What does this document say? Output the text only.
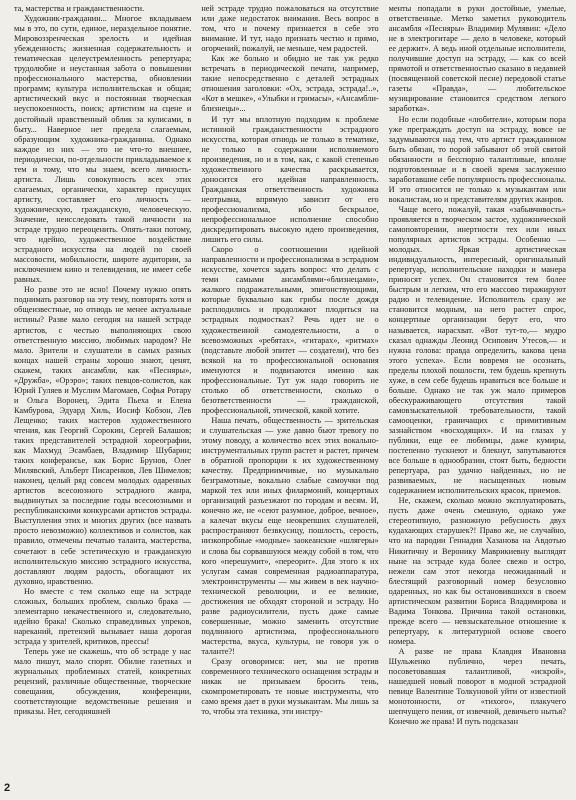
та, мастерства и гражданственности.

Художник-гражданин... Многое вкладываем мы в это, по сути, единое, нераздельное понятие. Мировоззренческая зрелость и идейная убежденность; жизненная содержательность и тематическая целеустремленность репертуара; трудолюбие и неустанная забота о повышении профессионального мастерства, обновлении программ; культура исполнительская и общая; артистический вкус и постоянная творческая неуспокоенность, поиск; артистизм на сцене и достойный нравственный облик за кулисами, в быту... Наверное нет предела слагаемым, образующим художника-гражданина. Однако каждое из них — это не что-то внешнее, периодически, по-отдельности прикладываемое к тем и тому, что мы знаем, всего личность-артиста. Лишь совокупность всех этих слагаемых, органически, характер присущих артисту, составляет его личность — художническую, гражданскую, человеческую. Значение, неисследовать такой личности на эстраде трудно переоценить. Опять-таки потому, что идейно, художественное воздействие эстрадного искусства на людей по своей массовости, мобильности, широте аудитории, за исключением кино и телевидения, не имеет себе равных.

Но разве это не ясно! Почему нужно опять поднимать разговор на эту тему, повторять хотя и общеизвестные, но отнюдь не менее актуальные истины? Разве мало сегодня на нашей эстраде артистов, с честью выполняющих свою ответственную миссию, любимых народом? Не мало. Зрители и слушатели в самых разных концах нашей страны хорошо знают, ценят, скажем, таких ансамбли, как «Песняры», «Дружба», «Орэро»; таких певцов-солистов, как Юрий Гуляев и Муслим Магомаев, Софья Ротару и Ольга Воронец, Эдита Пьеха и Елена Камбурова, Эдуард Хиль, Иосиф Кобзон, Лев Лещенко; таких мастеров художественного чтения, как Георгий Сорокин, Сергей Балашов; таких представителей эстрадной хореографии, как Махмуд Эсамбаев, Владимир Шубарин; таких конферансье, как Борис Брунов, Олег Милявский, Альберт Писаренков, Лев Шимелов; наконец, целый ряд совсем молодых одаренных артистов всесоюзного эстрадного жанра, выдвинутых за последние годы всесоюзными и республиканскими конкурсами артистов эстрады. Выступления этих и многих других (все назвать просто невозможно) коллективов и солистов, как правило, отмечены печатью таланта, мастерства, сочетают в себе эстетическую и гражданскую исполнительскую миссию эстрадного искусства, доставляют людям радость, обогащают их духовно, нравственно.

Но вместе с тем сколько еще на эстраде сложных, больших проблем, сколько брака — элементарно некачественного и, следовательно, идейно брака! Сколько справедливых упреков, нареканий, претензий вызывает наша дорогая эстрада у зрителей, критиков, прессы!

Теперь уже не скажешь, что об эстраде у нас мало пишут, мало спорят. Обилие газетных и журнальных проблемных статей, конкретных рецензий, различные общественные, творческие совещания, обсуждения, конференции, соответствующие ведомственные решения и приказы. Нет, сегодняшней

ней эстраде трудно пожаловаться на отсутствие или даже недостаток внимания. Весь вопрос в том, что и почему признается в себе это внимание. И тут, надо признать честно и прямо, огорчений, пожалуй, не меньше, чем радостей.

Как же больно и обидно не так уж редко встречать в периодической печати, например, такие непосредственно с деталей эстрадных отношения заголовки: «Ох, эстрада, эстрада!..», «Кот в мешке», «Улыбки и гримасы», «Ансамбли-близнецы»...

И тут мы вплотную подходим к проблеме истинной гражданственности эстрадного искусства, которая отнюдь не только в тематике, не только в содержании исполняемого произведения, но и в том, как, с какой степенью художественного качества раскрывается, доносится его идейная направленность. Гражданская ответственность художника неотрывна, впрямую зависит от его профессионализма, ибо бескрылое, непрофессиональное исполнение способно дискредитировать высокую идею произведения, лишить его силы.

Скоро о соотношении идейной направленности и профессионализма в эстрадном искусстве, хочется задать вопрос: что делать с теми самыми ансамблями-«близнецами», жалкого подражательными, эпигонствующими, которые буквально как грибы после дождя расплодились и продолжают плодиться на эстрадных подмостках? Речь идет не о художественной самодеятельности, а о всевозможных «ребятах», «гитарах», «ритмах» (подставьте любой эпитет — создатели), что без всякой на то профессиональной основания именуются и подвизаются именно как профессиональные. Тут уж надо говорить не столько об ответственности, сколько о безответственности — гражданской, профессиональной, этической, какой хотите.

Наша печать, общественность — зрительская и слушательская — уже давно бьют тревогу по этому поводу, а количество всех этих вокально-инструментальных групп растет и растет, причем в обратной пропорции к их художественному качеству. Предприимчивые, но музыкально безграмотные, вокально слабые самоучки под маркой тех или иных филармоний, концертных организаций разъезжают по городам и весям. И, конечно же, не «сеют разумное, доброе, вечное», а калечат вкусы еще неокрепших слушателей, распространяют безвкусицу, пошлость, серость, низкопробные «модные» заокеанские «шлягеры» и слова бы сорвавшуюся между собой в том, что кого «перешумит», «переорит». Для этого к их услугам самая современная радиоаппаратура, электроинструменты — мы живем в век научно-технической революции, и ее великие, достижения не обходят стороной и эстраду. Но разве радиоусилители, пусть даже самые совершенные, можно заменить отсутствие подлинного артистизма, профессионального мастерства, вкуса, культуры, не говоря уж о таланте?!

Сразу оговоримся: нет, мы не против современного технического оснащения эстрады и никак не призываем бросить тень, скомпрометировать те новые инструменты, что само время дает в руки музыкантам. Мы лишь за то, чтобы эта техника, эти инстру-

менты попадали в руки достойные, умелые, ответственные. Метко заметил руководитель ансамбля «Песняры» Владимир Мулявин: «Дело не в электрогитаре — дело в человеке, который ее держит». А ведь иной отдельные исполнители, получившие доступ на эстраду, — как со всей прямотой и ответственностью сказано в недавней (посвященной советской песне) передовой статье газеты «Правда», — любительское музицирование становится средством легкого заработка».

Но если подобные «любители», которым пора уже преграждать доступ на эстраду, вовсе не задумываются над тем, что артист гражданином быть обязан, то порой забывают об этой святой обязанности и бесспорно талантливые, вполне подготовленные и в своей время заслуженно заработавшие себе популярность профессионалы. И это относится не только к музыкантам или вокалистам, но и представителям других жанров.

Чаще всего, пожалуй, такая «забывчивость» проявляется в творческом застое, художнической самоповторении, инертности тех или иных популярных артистов эстрады. Особенно — молодых. Яркая артистическая индивидуальность, интересный, оригинальный репертуар, исполнительские находки и манера приносят успех. Он становится тем более быстрым и легким, что его массово тиражируют радио и телевидение. Исполнитель сразу же становится модным, на него растет спрос, концертные организации берут его, что называется, нарасхват. «Вот тут-то,— мудро сказал однажды Леонид Осипович Утесов,— и нужна голова: правда определить, какова цена этого успеха». Если вовремя не осознать, пределы плохой пошлости, тем будешь крепнуть хуже, в сем себе будешь нравиться все больше и больше. Однако не так уж мало примеров обескураживающего отсутствия такой самовзыскательной требовательности, такой самооценки, граничащих с примитивным зазнайством «восходящих». И на глазах у публики, еще ее любимцы, даже кумиры, постепенно тускнеют и блекнут, запутываются все больше в однообразии, стоят быть, бедности репертуара, раз удачно найденных, но не развиваемых, не насыщенных новым содержанием исполнительских красок, приемов.

Не, скажем, сколько можно эксплуатировать, пусть даже очень смешную, однако уже стереотипную, разножную ребусность двух кудахающих старушек?! Право же, не случайно, что на пародии Геннадия Хазанова на Авдотью Никитичну и Веронику Маврикиевну выглядят ныне на эстраде куда более свежо и остро, нежели сам этот некогда неожиданный и блестящий разговорный номер безусловно одаренных, но как бы остановившихся в своем артистическом развитии Бориса Владимирова и Вадима Тонкова. Причина такой остановки, прежде всего — невзыскательное отношение к репертуару, к литературной основе своего номера.

А разве не права Клавдия Ивановна Шульженко публично, через печать, посоветовавшая талантливой, «искрой», нашедшей новый поворот в модной эстрадной певице Валентине Толкуновой уйти от известной монотонности, от «тихого», плакучего шепчущего пения, от извечной, девичьего нытья? Конечно же права! И путь подсказан

2
